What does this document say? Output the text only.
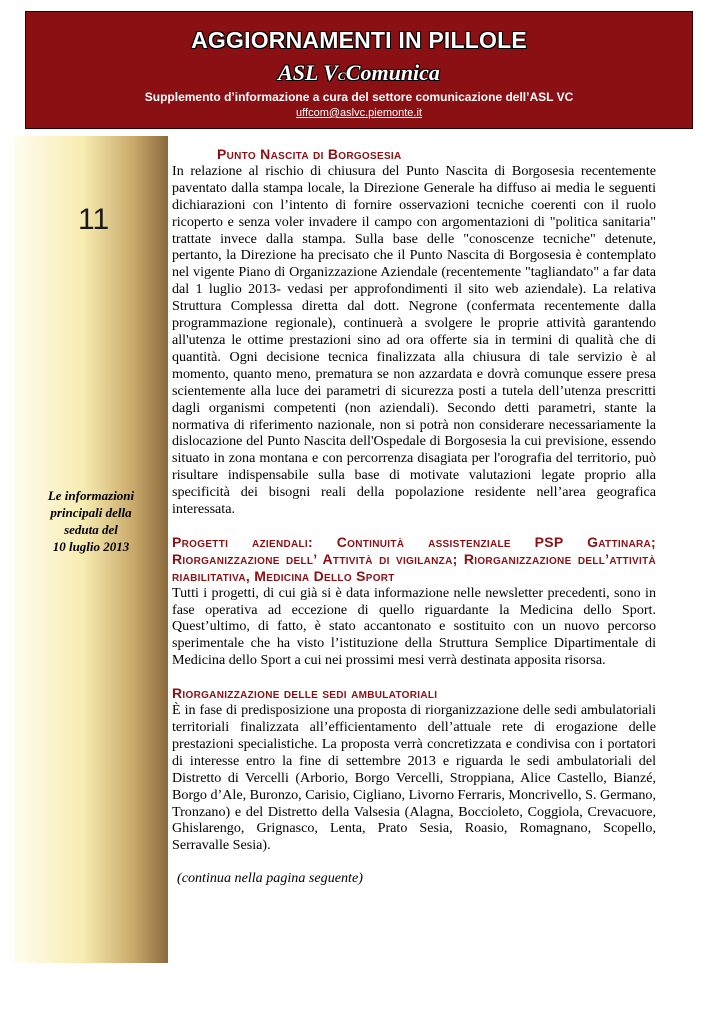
AGGIORNAMENTI IN PILLOLE
ASL VCComunica
Supplemento d’informazione a cura del settore comunicazione dell’ASL VC
uffcom@aslvc.piemonte.it
11
Le informazioni
principali della
seduta del
10 luglio 2013
Punto Nascita di Borgosesia

In relazione al rischio di chiusura del Punto Nascita di Borgosesia recentemente paventato dalla stampa locale, la Direzione Generale ha diffuso ai media le seguenti dichiarazioni con l’intento di fornire osservazioni tecniche coerenti con il ruolo ricoperto e senza voler invadere il campo con argomentazioni di "politica sanitaria" trattate invece dalla stampa. Sulla base delle "conoscenze tecniche" detenute, pertanto, la Direzione ha precisato che il Punto Nascita di Borgosesia è contemplato nel vigente Piano di Organizzazione Aziendale (recentemente "tagliandato" a far data dal 1 luglio 2013- vedasi per approfondimenti il sito web aziendale). La relativa Struttura Complessa diretta dal dott. Negrone (confermata recentemente dalla programmazione regionale), continuerà a svolgere le proprie attività garantendo all'utenza le ottime prestazioni sino ad ora offerte sia in termini di qualità che di quantità. Ogni decisione tecnica finalizzata alla chiusura di tale servizio è al momento, quanto meno, prematura se non azzardata e dovrà comunque essere presa scientemente alla luce dei parametri di sicurezza posti a tutela dell’utenza prescritti dagli organismi competenti (non aziendali). Secondo detti parametri, stante la normativa di riferimento nazionale, non si potrà non considerare necessariamente la dislocazione del Punto Nascita dell'Ospedale di Borgosesia la cui previsione, essendo situato in zona montana e con percorrenza disagiata per l'orografia del territorio, può risultare indispensabile sulla base di motivate valutazioni legate proprio alla specificità dei bisogni reali della popolazione residente nell’area geografica interessata.

Progetti aziendali: Continuità assistenziale PSP Gattinara; Riorganizzazione dell’ Attività di vigilanza; Riorganizzazione dell’attività riabilitativa, Medicina Dello Sport

Tutti i progetti, di cui già si è data informazione nelle newsletter precedenti, sono in fase operativa ad eccezione di quello riguardante la Medicina dello Sport. Quest’ultimo, di fatto, è stato accantonato e sostituito con un nuovo percorso sperimentale che ha visto l’istituzione della Struttura Semplice Dipartimentale di Medicina dello Sport a cui nei prossimi mesi verrà destinata apposita risorsa.

Riorganizzazione delle sedi ambulatoriali

È in fase di predisposizione una proposta di riorganizzazione delle sedi ambulatoriali territoriali finalizzata all’efficientamento dell’attuale rete di erogazione delle prestazioni specialistiche. La proposta verrà concretizzata e condivisa con i portatori di interesse entro la fine di settembre 2013 e riguarda le sedi ambulatoriali del Distretto di Vercelli (Arborio, Borgo Vercelli, Stroppiana, Alice Castello, Bianzé, Borgo d’Ale, Buronzo, Carisio, Cigliano, Livorno Ferraris, Moncrivello, S. Germano, Tronzano) e del Distretto della Valsesia (Alagna, Boccioleto, Coggiola, Crevacuore, Ghislarengo, Grignasco, Lenta, Prato Sesia, Roasio, Romagnano, Scopello, Serravalle Sesia).

(continua nella pagina seguente)
